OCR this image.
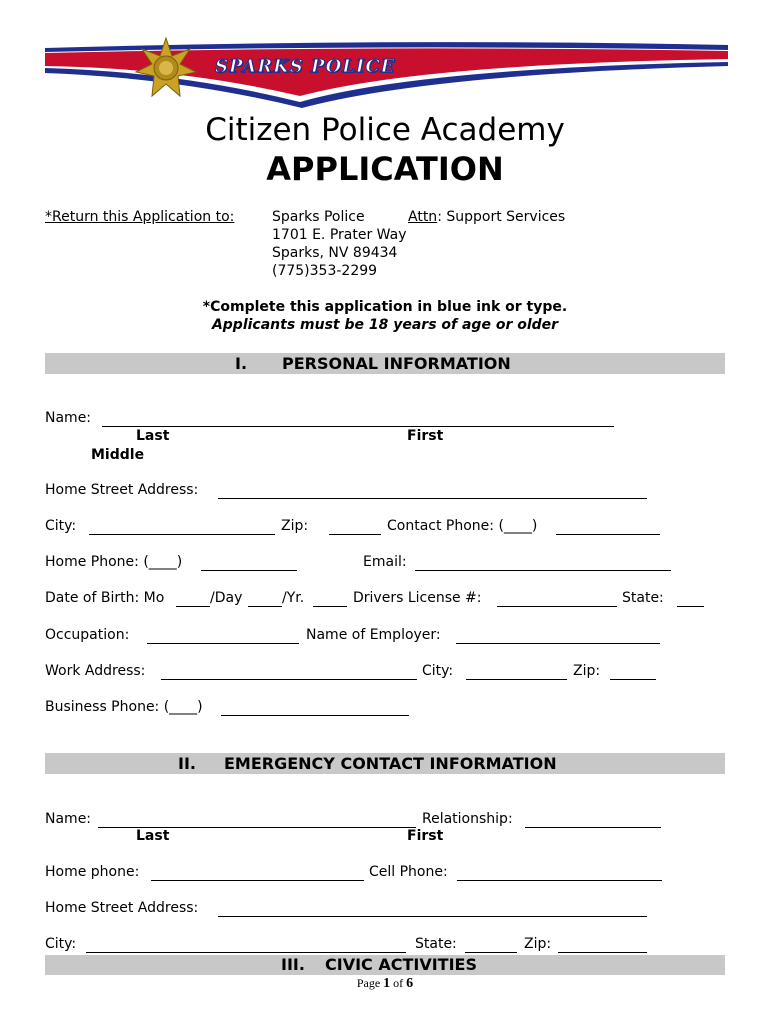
SPARKS POLICE
Citizen Police Academy
APPLICATION
*Return this Application to:	Sparks Police	Attn: Support Services
1701 E. Prater Way
Sparks, NV 89434
(775)353-2299
*Complete this application in blue ink or type.
Applicants must be 18 years of age or older
I. PERSONAL INFORMATION
Name:
Last	First
Middle
Home Street Address:
City:	Zip:	Contact Phone: (____)
Home Phone: (____)	Email:
Date of Birth: Mo	/Day	/Yr.	Drivers License #:	State:
Occupation:	Name of Employer:
Work Address:	City:	Zip:
Business Phone: (____)
II. EMERGENCY CONTACT INFORMATION
Name:	Relationship:
Last	First
Home phone:	Cell Phone:
Home Street Address:
City:	State:	Zip:
III. CIVIC ACTIVITIES
Page 1 of 6
